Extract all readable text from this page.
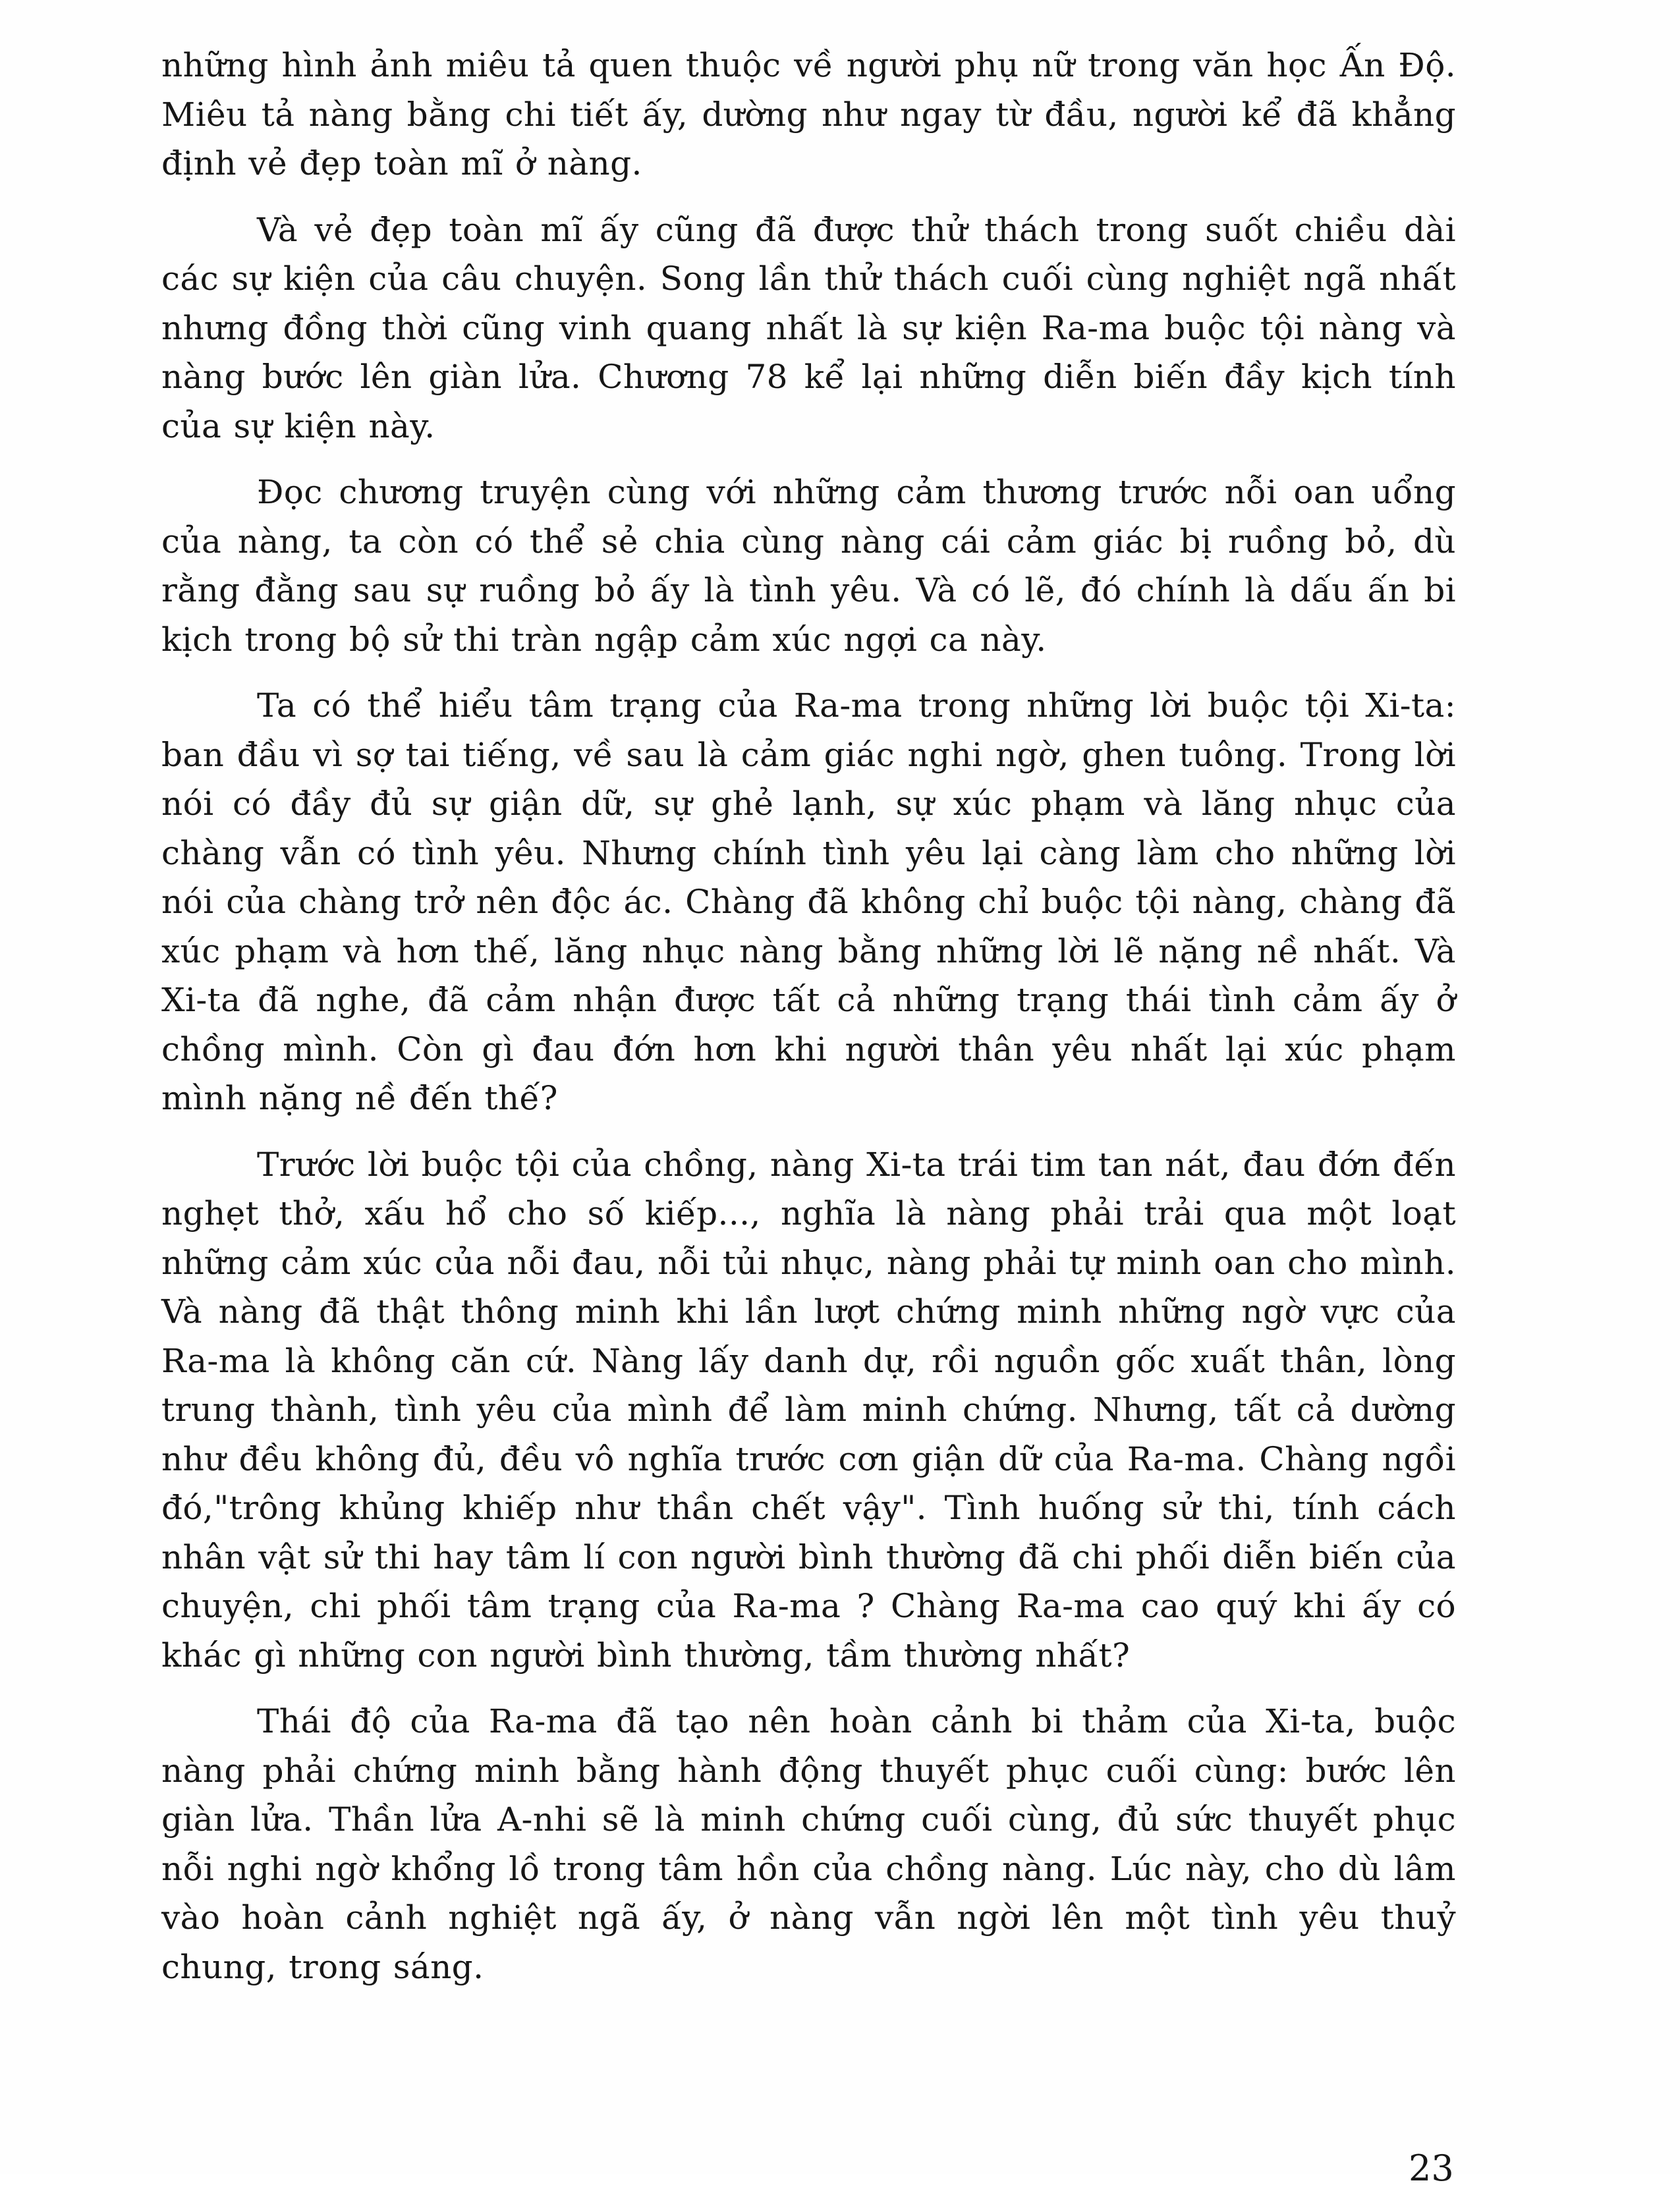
những hình ảnh miêu tả quen thuộc về người phụ nữ trong văn học Ấn Độ. Miêu tả nàng bằng chi tiết ấy, dường như ngay từ đầu, người kể đã khẳng định vẻ đẹp toàn mĩ ở nàng.

Và vẻ đẹp toàn mĩ ấy cũng đã được thử thách trong suốt chiều dài các sự kiện của câu chuyện. Song lần thử thách cuối cùng nghiệt ngã nhất nhưng đồng thời cũng vinh quang nhất là sự kiện Ra-ma buộc tội nàng và nàng bước lên giàn lửa. Chương 78 kể lại những diễn biến đầy kịch tính của sự kiện này.

Đọc chương truyện cùng với những cảm thương trước nỗi oan uổng của nàng, ta còn có thể sẻ chia cùng nàng cái cảm giác bị ruồng bỏ, dù rằng đằng sau sự ruồng bỏ ấy là tình yêu. Và có lẽ, đó chính là dấu ấn bi kịch trong bộ sử thi tràn ngập cảm xúc ngợi ca này.

Ta có thể hiểu tâm trạng của Ra-ma trong những lời buộc tội Xi-ta: ban đầu vì sợ tai tiếng, về sau là cảm giác nghi ngờ, ghen tuông. Trong lời nói có đầy đủ sự giận dữ, sự ghẻ lạnh, sự xúc phạm và lăng nhục của chàng vẫn có tình yêu. Nhưng chính tình yêu lại càng làm cho những lời nói của chàng trở nên độc ác. Chàng đã không chỉ buộc tội nàng, chàng đã xúc phạm và hơn thế, lăng nhục nàng bằng những lời lẽ nặng nề nhất. Và Xi-ta đã nghe, đã cảm nhận được tất cả những trạng thái tình cảm ấy ở chồng mình. Còn gì đau đớn hơn khi người thân yêu nhất lại xúc phạm mình nặng nề đến thế?

Trước lời buộc tội của chồng, nàng Xi-ta trái tim tan nát, đau đớn đến nghẹt thở, xấu hổ cho số kiếp..., nghĩa là nàng phải trải qua một loạt những cảm xúc của nỗi đau, nỗi tủi nhục, nàng phải tự minh oan cho mình. Và nàng đã thật thông minh khi lần lượt chứng minh những ngờ vực của Ra-ma là không căn cứ. Nàng lấy danh dự, rồi nguồn gốc xuất thân, lòng trung thành, tình yêu của mình để làm minh chứng. Nhưng, tất cả dường như đều không đủ, đều vô nghĩa trước cơn giận dữ của Ra-ma. Chàng ngồi đó,"trông khủng khiếp như thần chết vậy". Tình huống sử thi, tính cách nhân vật sử thi hay tâm lí con người bình thường đã chi phối diễn biến của chuyện, chi phối tâm trạng của Ra-ma ? Chàng Ra-ma cao quý khi ấy có khác gì những con người bình thường, tầm thường nhất?

Thái độ của Ra-ma đã tạo nên hoàn cảnh bi thảm của Xi-ta, buộc nàng phải chứng minh bằng hành động thuyết phục cuối cùng: bước lên giàn lửa. Thần lửa A-nhi sẽ là minh chứng cuối cùng, đủ sức thuyết phục nỗi nghi ngờ khổng lồ trong tâm hồn của chồng nàng. Lúc này, cho dù lâm vào hoàn cảnh nghiệt ngã ấy, ở nàng vẫn ngời lên một tình yêu thuỷ chung, trong sáng.

23
